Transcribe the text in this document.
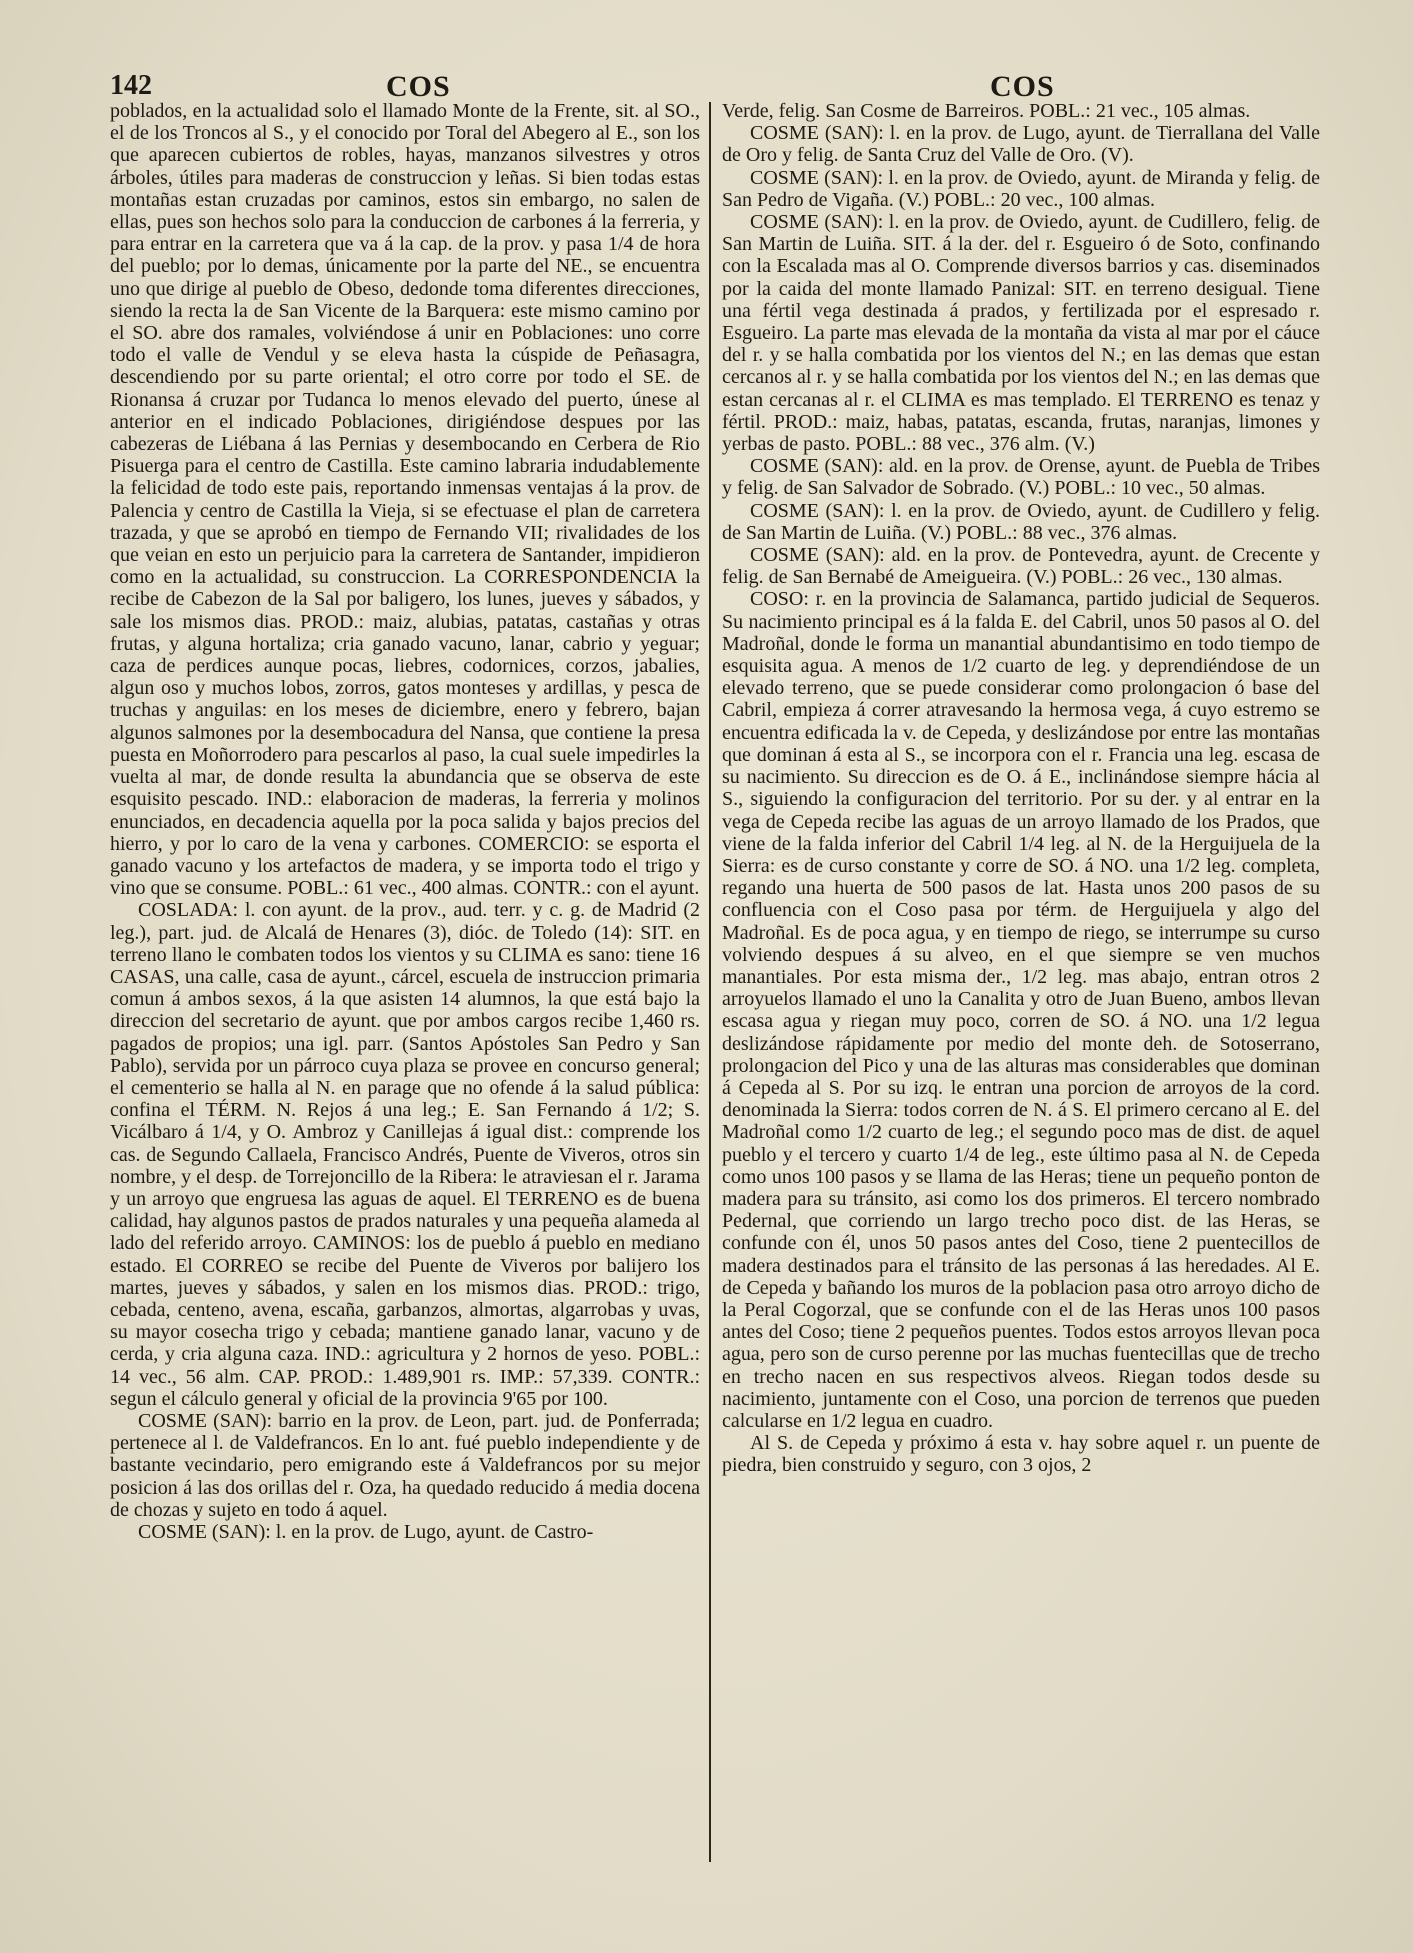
142	COS	COS

poblados, en la actualidad solo el llamado Monte de la Frente, sit. al SO., el de los Troncos al S., y el conocido por Toral del Abegero al E., son los que aparecen cubiertos de robles, hayas, manzanos silvestres y otros árboles, útiles para maderas de construccion y leñas. Si bien todas estas montañas estan cruzadas por caminos, estos sin embargo, no salen de ellas, pues son hechos solo para la conduccion de carbones á la ferreria, y para entrar en la carretera que va á la cap. de la prov. y pasa 1/4 de hora del pueblo; por lo demas, únicamente por la parte del NE., se encuentra uno que dirige al pueblo de Obeso, dedonde toma diferentes direcciones, siendo la recta la de San Vicente de la Barquera: este mismo camino por el SO. abre dos ramales, volviéndose á unir en Poblaciones: uno corre todo el valle de Vendul y se eleva hasta la cúspide de Peñasagra, descendiendo por su parte oriental; el otro corre por todo el SE. de Rionansa á cruzar por Tudanca lo menos elevado del puerto, únese al anterior en el indicado Poblaciones, dirigiéndose despues por las cabezeras de Liébana á las Pernias y desembocando en Cerbera de Rio Pisuerga para el centro de Castilla. Este camino labraria indudablemente la felicidad de todo este pais, reportando inmensas ventajas á la prov. de Palencia y centro de Castilla la Vieja, si se efectuase el plan de carretera trazada, y que se aprobó en tiempo de Fernando VII; rivalidades de los que veian en esto un perjuicio para la carretera de Santander, impidieron como en la actualidad, su construccion. La CORRESPONDENCIA la recibe de Cabezon de la Sal por baligero, los lunes, jueves y sábados, y sale los mismos dias. PROD.: maiz, alubias, patatas, castañas y otras frutas, y alguna hortaliza; cria ganado vacuno, lanar, cabrio y yeguar; caza de perdices aunque pocas, liebres, codornices, corzos, jabalies, algun oso y muchos lobos, zorros, gatos monteses y ardillas, y pesca de truchas y anguilas: en los meses de diciembre, enero y febrero, bajan algunos salmones por la desembocadura del Nansa, que contiene la presa puesta en Moñorrodero para pescarlos al paso, la cual suele impedirles la vuelta al mar, de donde resulta la abundancia que se observa de este esquisito pescado. IND.: elaboracion de maderas, la ferreria y molinos enunciados, en decadencia aquella por la poca salida y bajos precios del hierro, y por lo caro de la vena y carbones. COMERCIO: se esporta el ganado vacuno y los artefactos de madera, y se importa todo el trigo y vino que se consume. POBL.: 61 vec., 400 almas. CONTR.: con el ayunt.

COSLADA: l. con ayunt. de la prov., aud. terr. y c. g. de Madrid (2 leg.), part. jud. de Alcalá de Henares (3), dióc. de Toledo (14): SIT. en terreno llano le combaten todos los vientos y su CLIMA es sano: tiene 16 CASAS, una calle, casa de ayunt., cárcel, escuela de instruccion primaria comun á ambos sexos, á la que asisten 14 alumnos, la que está bajo la direccion del secretario de ayunt. que por ambos cargos recibe 1,460 rs. pagados de propios; una igl. parr. (Santos Apóstoles San Pedro y San Pablo), servida por un párroco cuya plaza se provee en concurso general; el cementerio se halla al N. en parage que no ofende á la salud pública: confina el TÉRM. N. Rejos á una leg.; E. San Fernando á 1/2; S. Vicálbaro á 1/4, y O. Ambroz y Canillejas á igual dist.: comprende los cas. de Segundo Callaela, Francisco Andrés, Puente de Viveros, otros sin nombre, y el desp. de Torrejoncillo de la Ribera: le atraviesan el r. Jarama y un arroyo que engruesa las aguas de aquel. El TERRENO es de buena calidad, hay algunos pastos de prados naturales y una pequeña alameda al lado del referido arroyo. CAMINOS: los de pueblo á pueblo en mediano estado. El CORREO se recibe del Puente de Viveros por balijero los martes, jueves y sábados, y salen en los mismos dias. PROD.: trigo, cebada, centeno, avena, escaña, garbanzos, almortas, algarrobas y uvas, su mayor cosecha trigo y cebada; mantiene ganado lanar, vacuno y de cerda, y cria alguna caza. IND.: agricultura y 2 hornos de yeso. POBL.: 14 vec., 56 alm. CAP. PROD.: 1.489,901 rs. IMP.: 57,339. CONTR.: segun el cálculo general y oficial de la provincia 9'65 por 100.

COSME (SAN): barrio en la prov. de Leon, part. jud. de Ponferrada; pertenece al l. de Valdefrancos. En lo ant. fué pueblo independiente y de bastante vecindario, pero emigrando este á Valdefrancos por su mejor posicion á las dos orillas del r. Oza, ha quedado reducido á media docena de chozas y sujeto en todo á aquel.

COSME (SAN): l. en la prov. de Lugo, ayunt. de Castro-

Verde, felig. San Cosme de Barreiros. POBL.: 21 vec., 105 almas.

COSME (SAN): l. en la prov. de Lugo, ayunt. de Tierrallana del Valle de Oro y felig. de Santa Cruz del Valle de Oro. (V).

COSME (SAN): l. en la prov. de Oviedo, ayunt. de Miranda y felig. de San Pedro de Vigaña. (V.) POBL.: 20 vec., 100 almas.

COSME (SAN): l. en la prov. de Oviedo, ayunt. de Cudillero, felig. de San Martin de Luiña. SIT. á la der. del r. Esgueiro ó de Soto, confinando con la Escalada mas al O. Comprende diversos barrios y cas. diseminados por la caida del monte llamado Panizal: SIT. en terreno desigual. Tiene una fértil vega destinada á prados, y fertilizada por el espresado r. Esgueiro. La parte mas elevada de la montaña da vista al mar por el cáuce del r. y se halla combatida por los vientos del N.; en las demas que estan cercanos al r. y se halla combatida por los vientos del N.; en las demas que estan cercanas al r. el CLIMA es mas templado. El TERRENO es tenaz y fértil. PROD.: maiz, habas, patatas, escanda, frutas, naranjas, limones y yerbas de pasto. POBL.: 88 vec., 376 alm. (V.)

COSME (SAN): ald. en la prov. de Orense, ayunt. de Puebla de Tribes y felig. de San Salvador de Sobrado. (V.) POBL.: 10 vec., 50 almas.

COSME (SAN): l. en la prov. de Oviedo, ayunt. de Cudillero y felig. de San Martin de Luiña. (V.) POBL.: 88 vec., 376 almas.

COSME (SAN): ald. en la prov. de Pontevedra, ayunt. de Crecente y felig. de San Bernabé de Ameigueira. (V.) POBL.: 26 vec., 130 almas.

COSO: r. en la provincia de Salamanca, partido judicial de Sequeros. Su nacimiento principal es á la falda E. del Cabril, unos 50 pasos al O. del Madroñal, donde le forma un manantial abundantisimo en todo tiempo de esquisita agua. A menos de 1/2 cuarto de leg. y deprendiéndose de un elevado terreno, que se puede considerar como prolongacion ó base del Cabril, empieza á correr atravesando la hermosa vega, á cuyo estremo se encuentra edificada la v. de Cepeda, y deslizándose por entre las montañas que dominan á esta al S., se incorpora con el r. Francia una leg. escasa de su nacimiento. Su direccion es de O. á E., inclinándose siempre hácia al S., siguiendo la configuracion del territorio. Por su der. y al entrar en la vega de Cepeda recibe las aguas de un arroyo llamado de los Prados, que viene de la falda inferior del Cabril 1/4 leg. al N. de la Herguijuela de la Sierra: es de curso constante y corre de SO. á NO. una 1/2 leg. completa, regando una huerta de 500 pasos de lat. Hasta unos 200 pasos de su confluencia con el Coso pasa por térm. de Herguijuela y algo del Madroñal. Es de poca agua, y en tiempo de riego, se interrumpe su curso volviendo despues á su alveo, en el que siempre se ven muchos manantiales. Por esta misma der., 1/2 leg. mas abajo, entran otros 2 arroyuelos llamado el uno la Canalita y otro de Juan Bueno, ambos llevan escasa agua y riegan muy poco, corren de SO. á NO. una 1/2 legua deslizándose rápidamente por medio del monte deh. de Sotoserrano, prolongacion del Pico y una de las alturas mas considerables que dominan á Cepeda al S. Por su izq. le entran una porcion de arroyos de la cord. denominada la Sierra: todos corren de N. á S. El primero cercano al E. del Madroñal como 1/2 cuarto de leg.; el segundo poco mas de dist. de aquel pueblo y el tercero y cuarto 1/4 de leg., este último pasa al N. de Cepeda como unos 100 pasos y se llama de las Heras; tiene un pequeño ponton de madera para su tránsito, asi como los dos primeros. El tercero nombrado Pedernal, que corriendo un largo trecho poco dist. de las Heras, se confunde con él, unos 50 pasos antes del Coso, tiene 2 puentecillos de madera destinados para el tránsito de las personas á las heredades. Al E. de Cepeda y bañando los muros de la poblacion pasa otro arroyo dicho de la Peral Cogorzal, que se confunde con el de las Heras unos 100 pasos antes del Coso; tiene 2 pequeños puentes. Todos estos arroyos llevan poca agua, pero son de curso perenne por las muchas fuentecillas que de trecho en trecho nacen en sus respectivos alveos. Riegan todos desde su nacimiento, juntamente con el Coso, una porcion de terrenos que pueden calcularse en 1/2 legua en cuadro.

Al S. de Cepeda y próximo á esta v. hay sobre aquel r. un puente de piedra, bien construido y seguro, con 3 ojos, 2
